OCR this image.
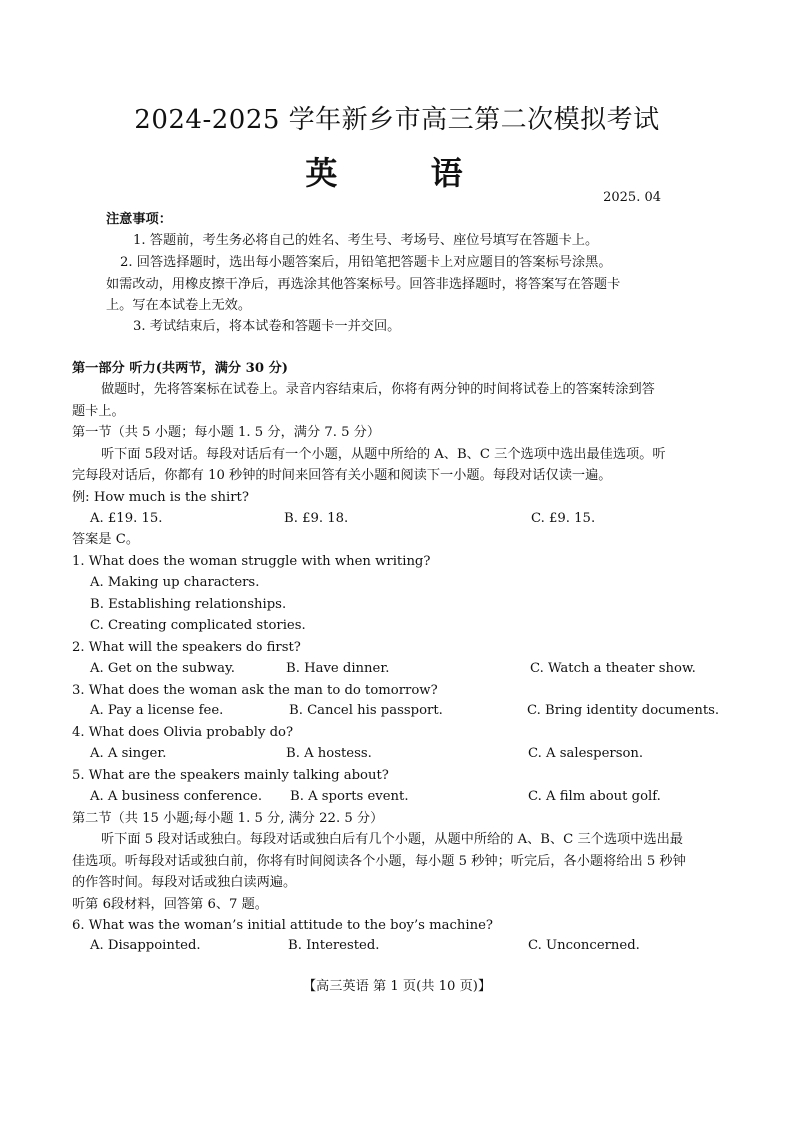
2024-2025 学年新乡市高三第二次模拟考试
英 语
2025. 04
注意事项：
1. 答题前，考生务必将自己的姓名、考生号、考场号、座位号填写在答题卡上。
2. 回答选择题时，选出每小题答案后，用铅笔把答题卡上对应题目的答案标号涂黑。
如需改动，用橡皮擦干净后，再选涂其他答案标号。回答非选择题时，将答案写在答题卡
上。写在本试卷上无效。
3. 考试结束后，将本试卷和答题卡一并交回。
第一部分 听力(共两节，满分 30 分)
做题时，先将答案标在试卷上。录音内容结束后，你将有两分钟的时间将试卷上的答案转涂到答
题卡上。
第一节（共 5 小题；每小题 1. 5 分，满分 7. 5 分）
听下面 5段对话。每段对话后有一个小题，从题中所给的 A、B、C 三个选项中选出最佳选项。听
完每段对话后，你都有 10 秒钟的时间来回答有关小题和阅读下一小题。每段对话仅读一遍。
例: How much is the shirt?
A. £19. 15.	B. £9. 18.	C. £9. 15.
答案是 C。
1. What does the woman struggle with when writing?
A. Making up characters.
B. Establishing relationships.
C. Creating complicated stories.
2. What will the speakers do first?
A. Get on the subway.	B. Have dinner.	C. Watch a theater show.
3. What does the woman ask the man to do tomorrow?
A. Pay a license fee.	B. Cancel his passport.	C. Bring identity documents.
4. What does Olivia probably do?
A. A singer.	B. A hostess.	C. A salesperson.
5. What are the speakers mainly talking about?
A. A business conference. B. A sports event.	C. A film about golf.
第二节（共 15 小题;每小题 1. 5 分, 满分 22. 5 分）
听下面 5 段对话或独白。每段对话或独白后有几个小题，从题中所给的 A、B、C 三个选项中选出最
佳选项。听每段对话或独白前，你将有时间阅读各个小题，每小题 5 秒钟；听完后，各小题将给出 5 秒钟
的作答时间。每段对话或独白读两遍。
听第 6段材料，回答第 6、7 题。
6. What was the woman’s initial attitude to the boy’s machine?
A. Disappointed.	B. Interested.	C. Unconcerned.
【高三英语 第 1 页(共 10 页)】
